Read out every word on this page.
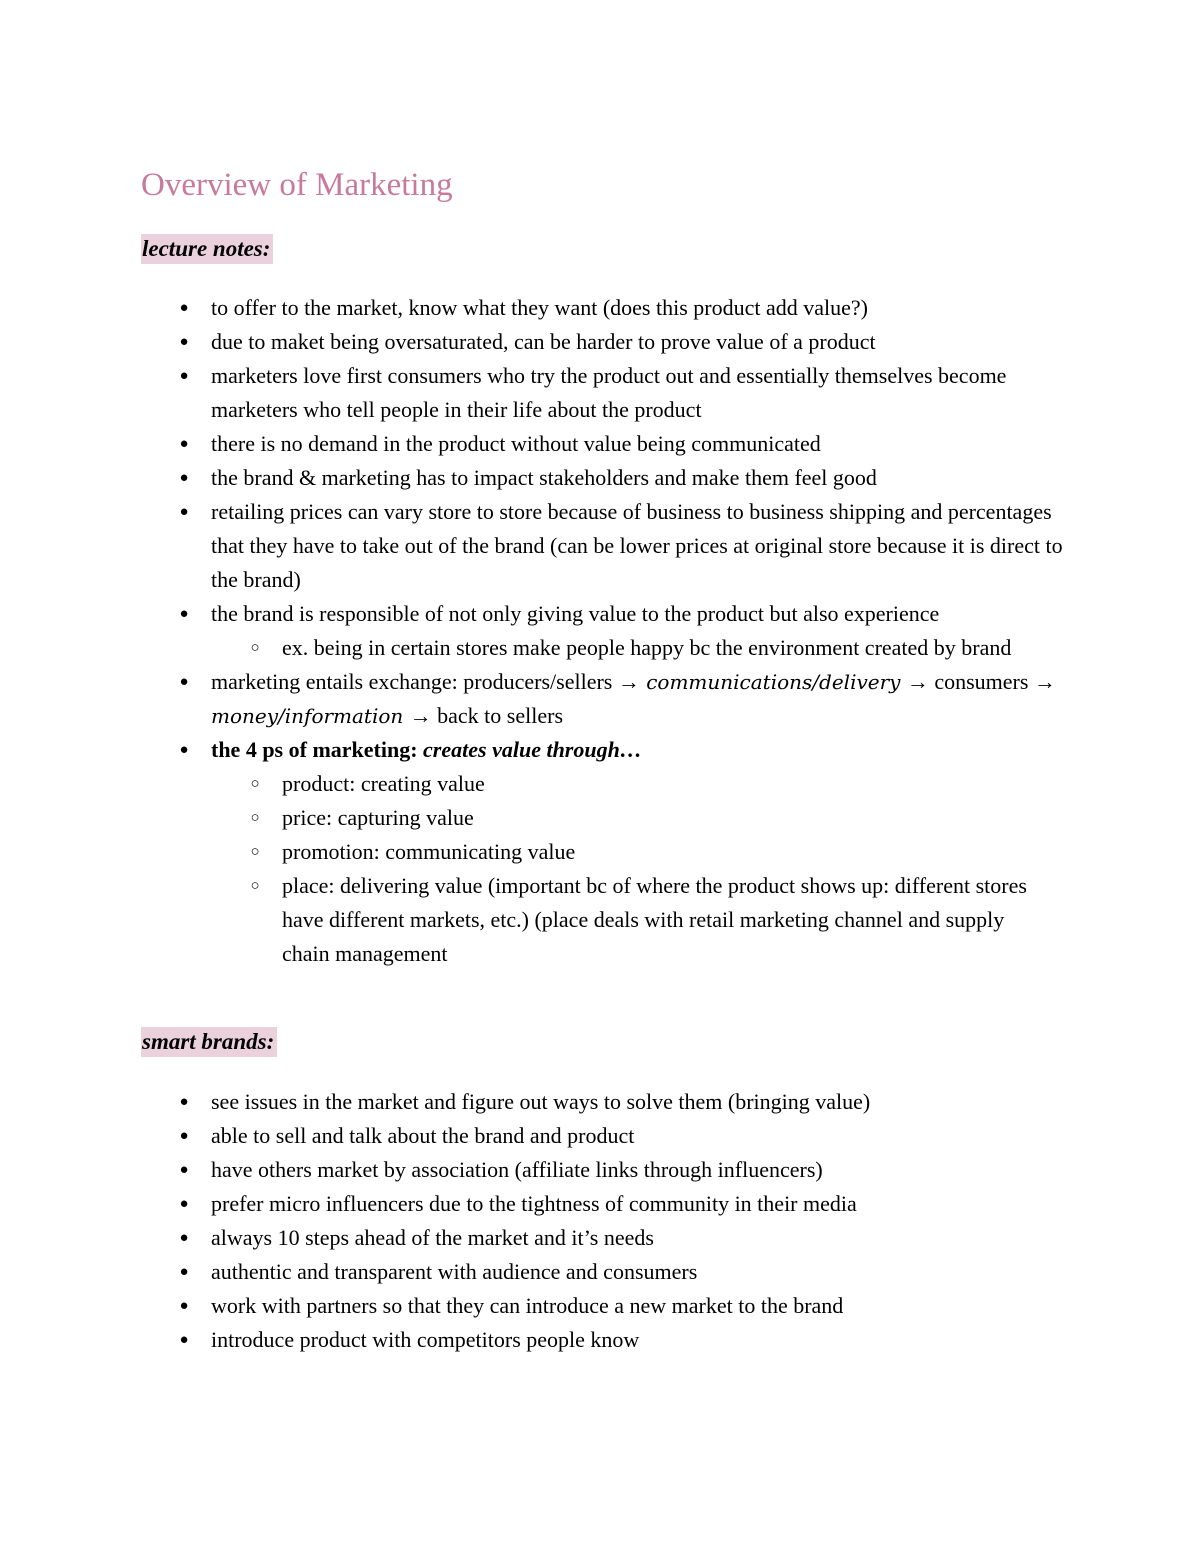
Overview of Marketing
lecture notes:
● to offer to the market, know what they want (does this product add value?)
● due to maket being oversaturated, can be harder to prove value of a product
● marketers love first consumers who try the product out and essentially themselves become marketers who tell people in their life about the product
● there is no demand in the product without value being communicated
● the brand & marketing has to impact stakeholders and make them feel good
● retailing prices can vary store to store because of business to business shipping and percentages that they have to take out of the brand (can be lower prices at original store because it is direct to the brand)
● the brand is responsible of not only giving value to the product but also experience
○ ex. being in certain stores make people happy bc the environment created by brand
● marketing entails exchange: producers/sellers → communications/delivery → consumers → money/information → back to sellers
● the 4 ps of marketing: creates value through…
○ product: creating value
○ price: capturing value
○ promotion: communicating value
○ place: delivering value (important bc of where the product shows up: different stores have different markets, etc.) (place deals with retail marketing channel and supply chain management
smart brands:
● see issues in the market and figure out ways to solve them (bringing value)
● able to sell and talk about the brand and product
● have others market by association (affiliate links through influencers)
● prefer micro influencers due to the tightness of community in their media
● always 10 steps ahead of the market and it’s needs
● authentic and transparent with audience and consumers
● work with partners so that they can introduce a new market to the brand
● introduce product with competitors people know
